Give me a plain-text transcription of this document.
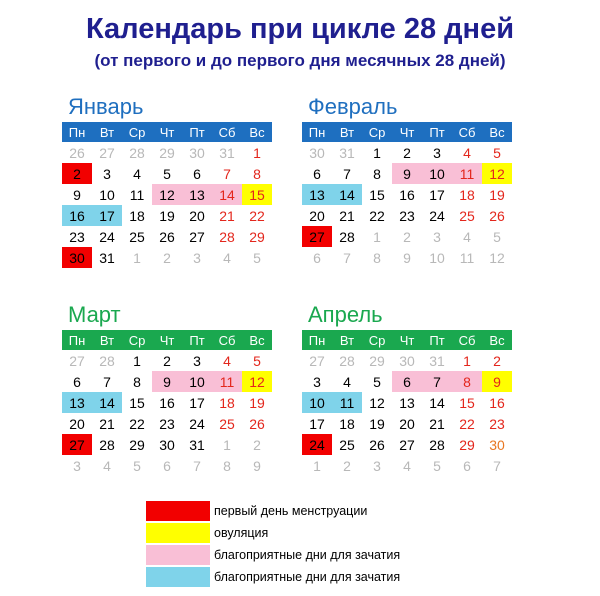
Календарь при цикле 28 дней
(от первого и до первого дня месячных 28 дней)
Январь
Пн	Вт	Ср	Чт	Пт	Сб	Вс
26	27	28	29	30	31	1
2	3	4	5	6	7	8
9	10	11	12	13	14	15
16	17	18	19	20	21	22
23	24	25	26	27	28	29
30	31	1	2	3	4	5
Февраль
Пн	Вт	Ср	Чт	Пт	Сб	Вс
30	31	1	2	3	4	5
6	7	8	9	10	11	12
13	14	15	16	17	18	19
20	21	22	23	24	25	26
27	28	1	2	3	4	5
6	7	8	9	10	11	12
Март
Пн	Вт	Ср	Чт	Пт	Сб	Вс
27	28	1	2	3	4	5
6	7	8	9	10	11	12
13	14	15	16	17	18	19
20	21	22	23	24	25	26
27	28	29	30	31	1	2
3	4	5	6	7	8	9
Апрель
Пн	Вт	Ср	Чт	Пт	Сб	Вс
27	28	29	30	31	1	2
3	4	5	6	7	8	9
10	11	12	13	14	15	16
17	18	19	20	21	22	23
24	25	26	27	28	29	30
1	2	3	4	5	6	7
первый день менструации
овуляция
благоприятные дни для зачатия
благоприятные дни для зачатия
